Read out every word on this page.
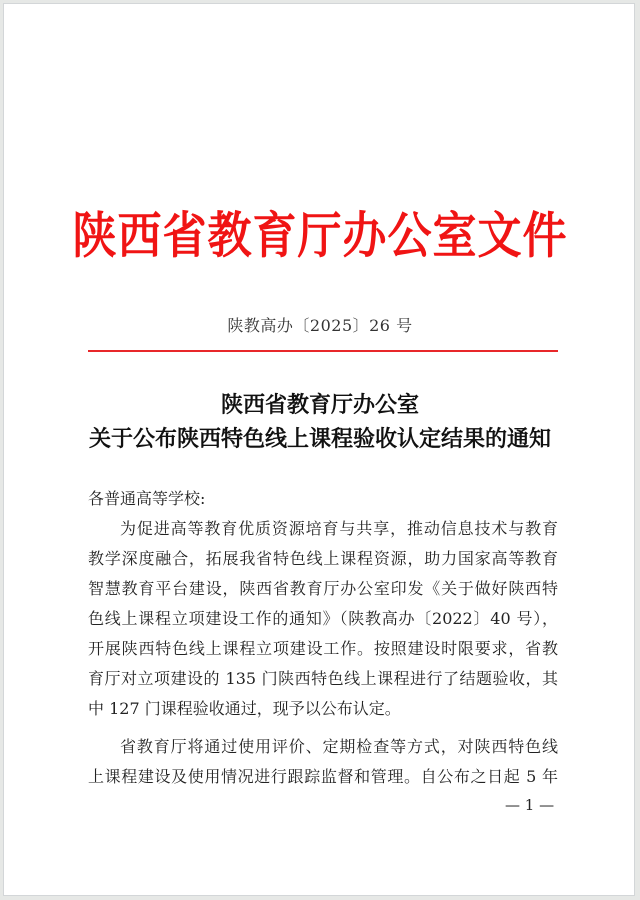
陕西省教育厅办公室文件
陕教高办〔2025〕26 号
陕西省教育厅办公室
关于公布陕西特色线上课程验收认定结果的通知
各普通高等学校:
为促进高等教育优质资源培育与共享，推动信息技术与教育
教学深度融合，拓展我省特色线上课程资源，助力国家高等教育
智慧教育平台建设，陕西省教育厅办公室印发《关于做好陕西特
色线上课程立项建设工作的通知》（陕教高办〔2022〕40 号），
开展陕西特色线上课程立项建设工作。按照建设时限要求，省教
育厅对立项建设的 135 门陕西特色线上课程进行了结题验收，其
中 127 门课程验收通过，现予以公布认定。
省教育厅将通过使用评价、定期检查等方式，对陕西特色线
上课程建设及使用情况进行跟踪监督和管理。自公布之日起 5 年
— 1 —
